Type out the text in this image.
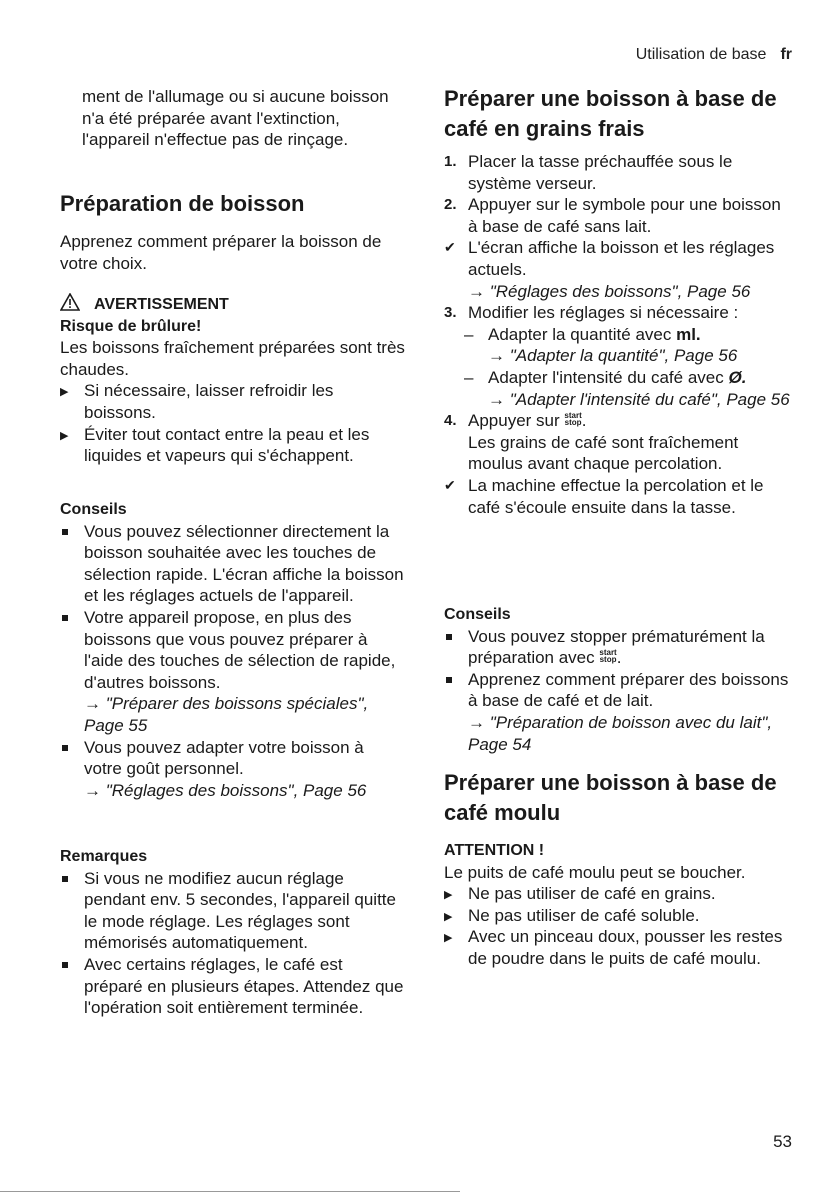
Utilisation de base fr

ment de l'allumage ou si aucune boisson n'a été préparée avant l'extinction, l'appareil n'effectue pas de rinçage.

Préparation de boisson

Apprenez comment préparer la boisson de votre choix.

AVERTISSEMENT
Risque de brûlure!

Les boissons fraîchement préparées sont très chaudes.

▶ Si nécessaire, laisser refroidir les boissons.
▶ Éviter tout contact entre la peau et les liquides et vapeurs qui s'échappent.
Conseils
Vous pouvez sélectionner directement la boisson souhaitée avec les touches de sélection rapide. L'écran affiche la boisson et les réglages actuels de l'appareil.
Votre appareil propose, en plus des boissons que vous pouvez préparer à l'aide des touches de sélection de rapide, d'autres boissons.
→ "Préparer des boissons spéciales", Page 55
Vous pouvez adapter votre boisson à votre goût personnel.
→ "Réglages des boissons", Page 56
Remarques
Si vous ne modifiez aucun réglage pendant env. 5 secondes, l'appareil quitte le mode réglage. Les réglages sont mémorisés automatiquement.
Avec certains réglages, le café est préparé en plusieurs étapes. Attendez que l'opération soit entièrement terminée.
Préparer une boisson à base de café en grains frais
1. Placer la tasse préchauffée sous le système verseur.
2. Appuyer sur le symbole pour une boisson à base de café sans lait.
✔ L'écran affiche la boisson et les réglages actuels.
→ "Réglages des boissons", Page 56
3. Modifier les réglages si nécessaire :
– Adapter la quantité avec ml.
→ "Adapter la quantité", Page 56
– Adapter l'intensité du café avec Ø.
→ "Adapter l'intensité du café", Page 56
4. Appuyer sur start
stop.
Les grains de café sont fraîchement moulus avant chaque percolation.
✔ La machine effectue la percolation et le café s'écoule ensuite dans la tasse.
Conseils
Vous pouvez stopper prématurément la préparation avec start
stop.
Apprenez comment préparer des boissons à base de café et de lait.
→ "Préparation de boisson avec du lait", Page 54
Préparer une boisson à base de café moulu
ATTENTION !

Le puits de café moulu peut se boucher.

▶ Ne pas utiliser de café en grains.
▶ Ne pas utiliser de café soluble.
▶ Avec un pinceau doux, pousser les restes de poudre dans le puits de café moulu.
53
